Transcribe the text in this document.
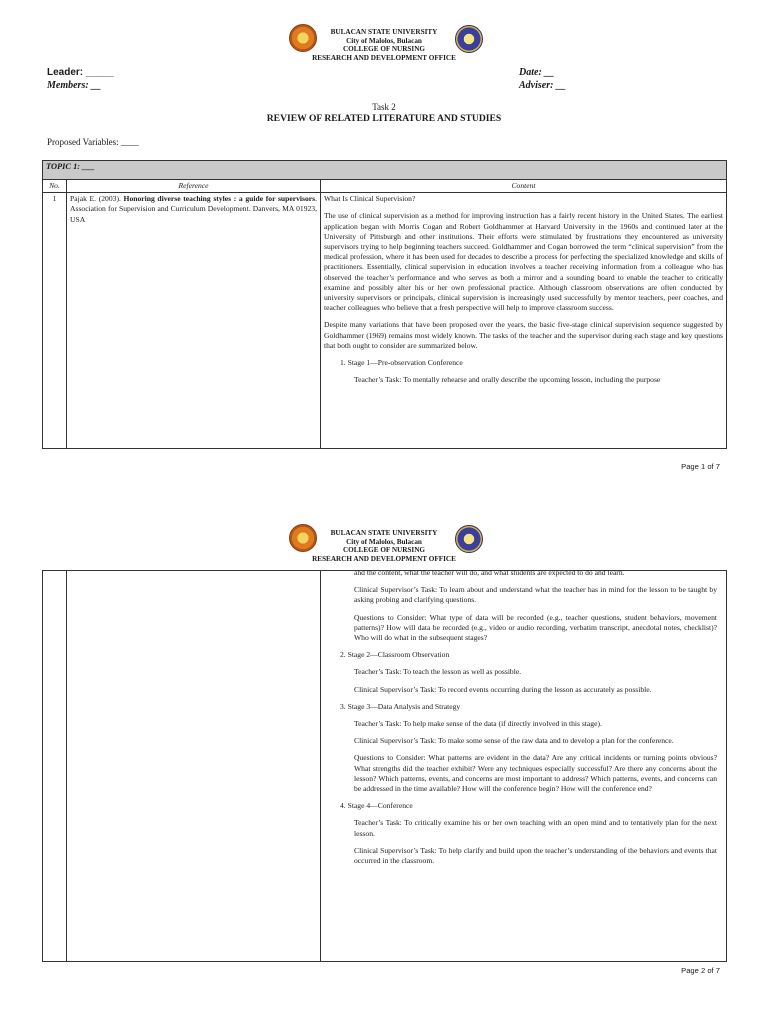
BULACAN STATE UNIVERSITY
City of Malolos, Bulacan
COLLEGE OF NURSING
RESEARCH AND DEVELOPMENT OFFICE
Leader: _____
Members: __
Date: __
Adviser: __
Task 2
REVIEW OF RELATED LITERATURE AND STUDIES
Proposed Variables: ____
TOPIC 1: ___		
No.	Reference	Content
1	Pajak E. (2003). Honoring diverse teaching styles : a guide for supervisors. Association for Supervision and Curriculum Development. Danvers, MA 01923, USA	What Is Clinical Supervision?

The use of clinical supervision as a method for improving instruction has a fairly recent history in the United States. The earliest application began with Morris Cogan and Robert Goldhammer at Harvard University in the 1960s and continued later at the University of Pittsburgh and other institutions. Their efforts were stimulated by frustrations they encountered as university supervisors trying to help beginning teachers succeed. Goldhammer and Cogan borrowed the term “clinical supervision” from the medical profession, where it has been used for decades to describe a process for perfecting the specialized knowledge and skills of practitioners. Essentially, clinical supervision in education involves a teacher receiving information from a colleague who has observed the teacher’s performance and who serves as both a mirror and a sounding board to enable the teacher to critically examine and possibly alter his or her own professional practice. Although classroom observations are often conducted by university supervisors or principals, clinical supervision is increasingly used successfully by mentor teachers, peer coaches, and teacher colleagues who believe that a fresh perspective will help to improve classroom success.

Despite many variations that have been proposed over the years, the basic five-stage clinical supervision sequence suggested by Goldhammer (1969) remains most widely known. The tasks of the teacher and the supervisor during each stage and key questions that both ought to consider are summarized below.

1. Stage 1—Pre-observation Conference

Teacher’s Task: To mentally rehearse and orally describe the upcoming lesson, including the purpose

Page 1 of 7
BULACAN STATE UNIVERSITY
City of Malolos, Bulacan
COLLEGE OF NURSING
RESEARCH AND DEVELOPMENT OFFICE

and the content, what the teacher will do, and what students are expected to do and learn.

Clinical Supervisor’s Task: To learn about and understand what the teacher has in mind for the lesson to be taught by asking probing and clarifying questions.

Questions to Consider: What type of data will be recorded (e.g., teacher questions, student behaviors, movement patterns)? How will data be recorded (e.g., video or audio recording, verbatim transcript, anecdotal notes, checklist)? Who will do what in the subsequent stages?

2. Stage 2—Classroom Observation

Teacher’s Task: To teach the lesson as well as possible.

Clinical Supervisor’s Task: To record events occurring during the lesson as accurately as possible.

3. Stage 3—Data Analysis and Strategy

Teacher’s Task: To help make sense of the data (if directly involved in this stage).

Clinical Supervisor’s Task: To make some sense of the raw data and to develop a plan for the conference.

Questions to Consider: What patterns are evident in the data? Are any critical incidents or turning points obvious? What strengths did the teacher exhibit? Were any techniques especially successful? Are there any concerns about the lesson? Which patterns, events, and concerns are most important to address? Which patterns, events, and concerns can be addressed in the time available? How will the conference begin? How will the conference end?

4. Stage 4—Conference

Teacher’s Task: To critically examine his or her own teaching with an open mind and to tentatively plan for the next lesson.

Clinical Supervisor’s Task: To help clarify and build upon the teacher’s understanding of the behaviors and events that occurred in the classroom.

Page 2 of 7
